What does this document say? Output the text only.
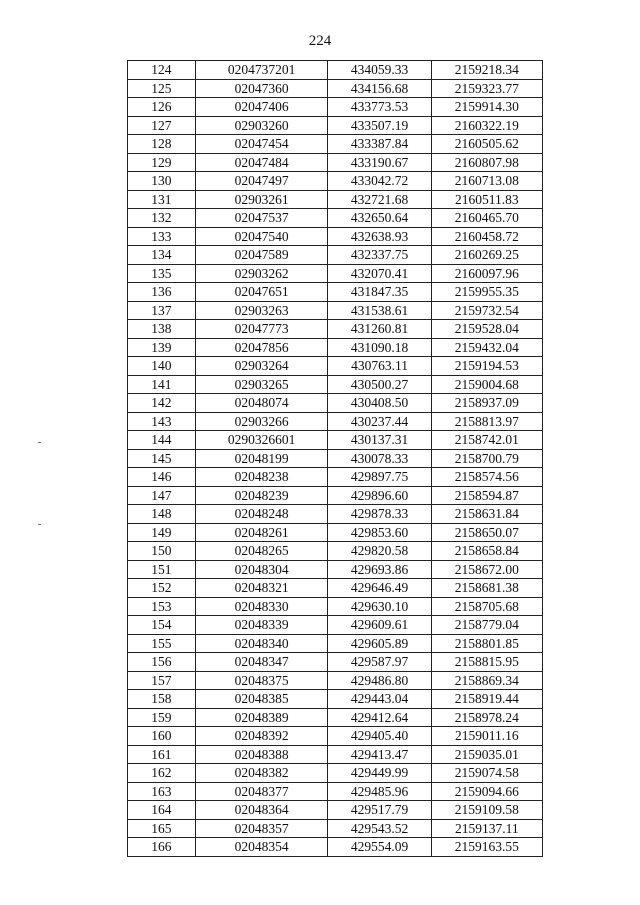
224
124	0204737201	434059.33	2159218.34
125	02047360	434156.68	2159323.77
126	02047406	433773.53	2159914.30
127	02903260	433507.19	2160322.19
128	02047454	433387.84	2160505.62
129	02047484	433190.67	2160807.98
130	02047497	433042.72	2160713.08
131	02903261	432721.68	2160511.83
132	02047537	432650.64	2160465.70
133	02047540	432638.93	2160458.72
134	02047589	432337.75	2160269.25
135	02903262	432070.41	2160097.96
136	02047651	431847.35	2159955.35
137	02903263	431538.61	2159732.54
138	02047773	431260.81	2159528.04
139	02047856	431090.18	2159432.04
140	02903264	430763.11	2159194.53
141	02903265	430500.27	2159004.68
142	02048074	430408.50	2158937.09
143	02903266	430237.44	2158813.97
144	0290326601	430137.31	2158742.01
145	02048199	430078.33	2158700.79
146	02048238	429897.75	2158574.56
147	02048239	429896.60	2158594.87
148	02048248	429878.33	2158631.84
149	02048261	429853.60	2158650.07
150	02048265	429820.58	2158658.84
151	02048304	429693.86	2158672.00
152	02048321	429646.49	2158681.38
153	02048330	429630.10	2158705.68
154	02048339	429609.61	2158779.04
155	02048340	429605.89	2158801.85
156	02048347	429587.97	2158815.95
157	02048375	429486.80	2158869.34
158	02048385	429443.04	2158919.44
159	02048389	429412.64	2158978.24
160	02048392	429405.40	2159011.16
161	02048388	429413.47	2159035.01
162	02048382	429449.99	2159074.58
163	02048377	429485.96	2159094.66
164	02048364	429517.79	2159109.58
165	02048357	429543.52	2159137.11
166	02048354	429554.09	2159163.55
